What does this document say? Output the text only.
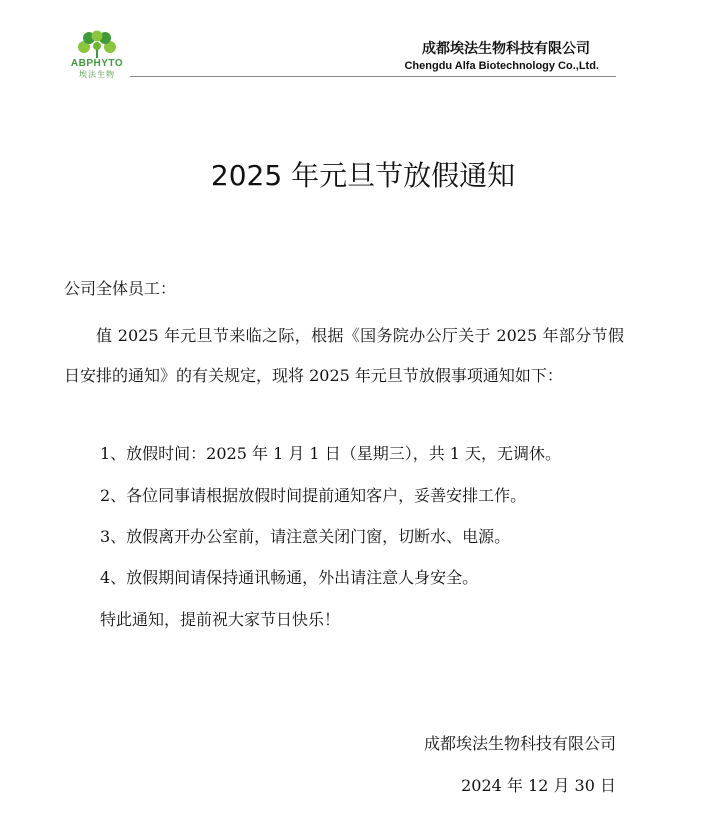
ABPHYTO
埃法生物
成都埃法生物科技有限公司
Chengdu Alfa Biotechnology Co.,Ltd.
2025 年元旦节放假通知
公司全体员工：
值 2025 年元旦节来临之际，根据《国务院办公厅关于 2025 年部分节假日安排的通知》的有关规定，现将 2025 年元旦节放假事项通知如下：
1、放假时间：2025 年 1 月 1 日（星期三），共 1 天，无调休。
2、各位同事请根据放假时间提前通知客户，妥善安排工作。
3、放假离开办公室前，请注意关闭门窗，切断水、电源。
4、放假期间请保持通讯畅通，外出请注意人身安全。
特此通知，提前祝大家节日快乐！
成都埃法生物科技有限公司
2024 年 12 月 30 日
